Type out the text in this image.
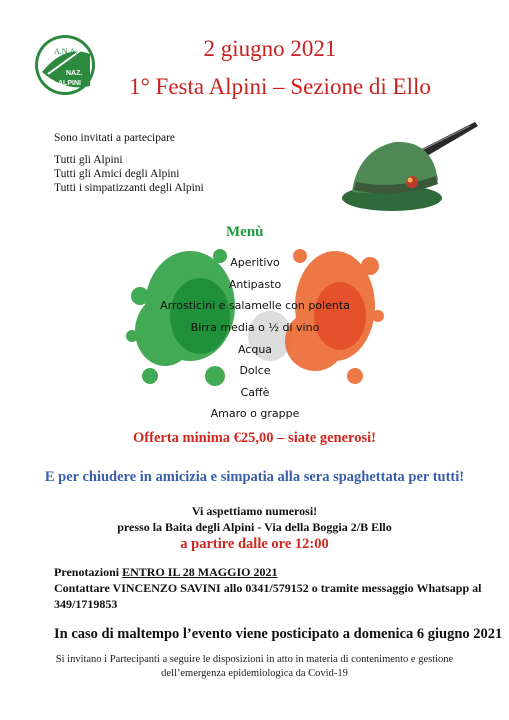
A.N.A.
NAZ.
ALPINI
2 giugno 2021
1° Festa Alpini – Sezione di Ello
Sono invitati a partecipare
Tutti gli Alpini
Tutti gli Amici degli Alpini
Tutti i simpatizzanti degli Alpini
Menù
Aperitivo
Antipasto
Arrosticini e salamelle con polenta
Birra media o ½ di vino
Acqua
Dolce
Caffè
Amaro o grappe
Offerta minima €25,00 – siate generosi!
E per chiudere in amicizia e simpatia alla sera spaghettata per tutti!
Vi aspettiamo numerosi!
presso la Baita degli Alpini - Via della Boggia 2/B Ello
a partire dalle ore 12:00
Prenotazioni ENTRO IL 28 MAGGIO 2021
Contattare VINCENZO SAVINI allo 0341/579152 o tramite messaggio Whatsapp al
349/1719853
In caso di maltempo l’evento viene posticipato a domenica 6 giugno 2021
Si invitano i Partecipanti a seguire le disposizioni in atto in materia di contenimento e gestione
dell’emergenza epidemiologica da Covid-19
